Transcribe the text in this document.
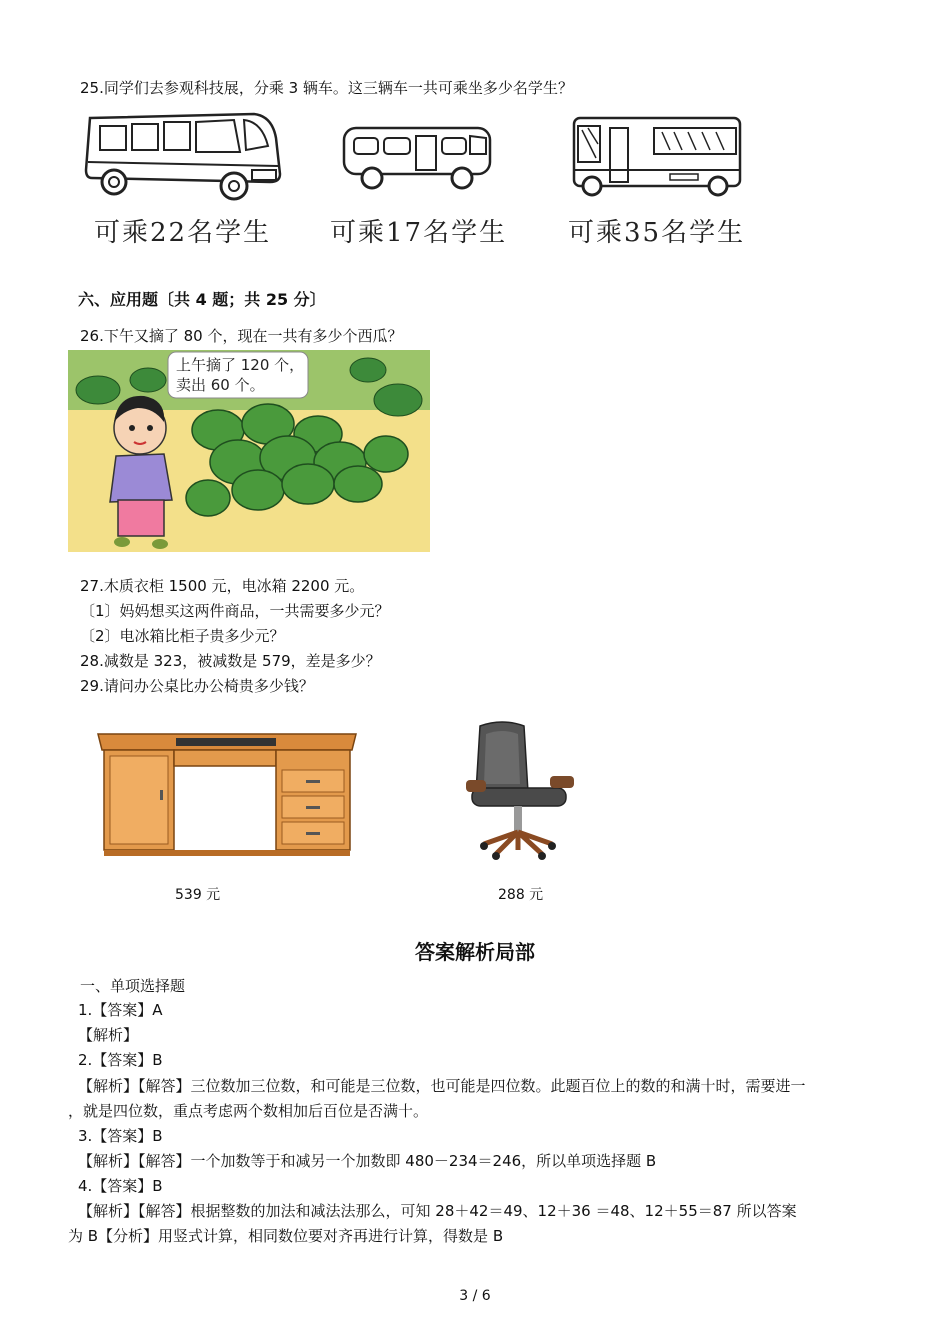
25.同学们去参观科技展，分乘 3 辆车。这三辆车一共可乘坐多少名学生？
可乘22名学生 可乘17名学生 可乘35名学生
六、应用题〔共 4 题；共 25 分〕
26.下午又摘了 80 个，现在一共有多少个西瓜？
上午摘了 120 个，
卖出 60 个。
27.木质衣柜 1500 元，电冰箱 2200 元。
〔1〕妈妈想买这两件商品，一共需要多少元？
〔2〕电冰箱比柜子贵多少元？
28.减数是 323，被减数是 579，差是多少？
29.请问办公桌比办公椅贵多少钱？
539 元	288 元
答案解析局部
一、单项选择题
1.【答案】A
【解析】
2.【答案】B
【解析】【解答】三位数加三位数，和可能是三位数，也可能是四位数。此题百位上的数的和满十时，需要进一
，就是四位数，重点考虑两个数相加后百位是否满十。
3.【答案】B
【解析】【解答】一个加数等于和减另一个加数即 480－234＝246，所以单项选择题 B
4.【答案】B
【解析】【解答】根据整数的加法和减法法那么，可知 28＋42＝49、12＋36 ＝48、12＋55＝87 所以答案
为 B【分析】用竖式计算，相同数位要对齐再进行计算，得数是 B
3 / 6
